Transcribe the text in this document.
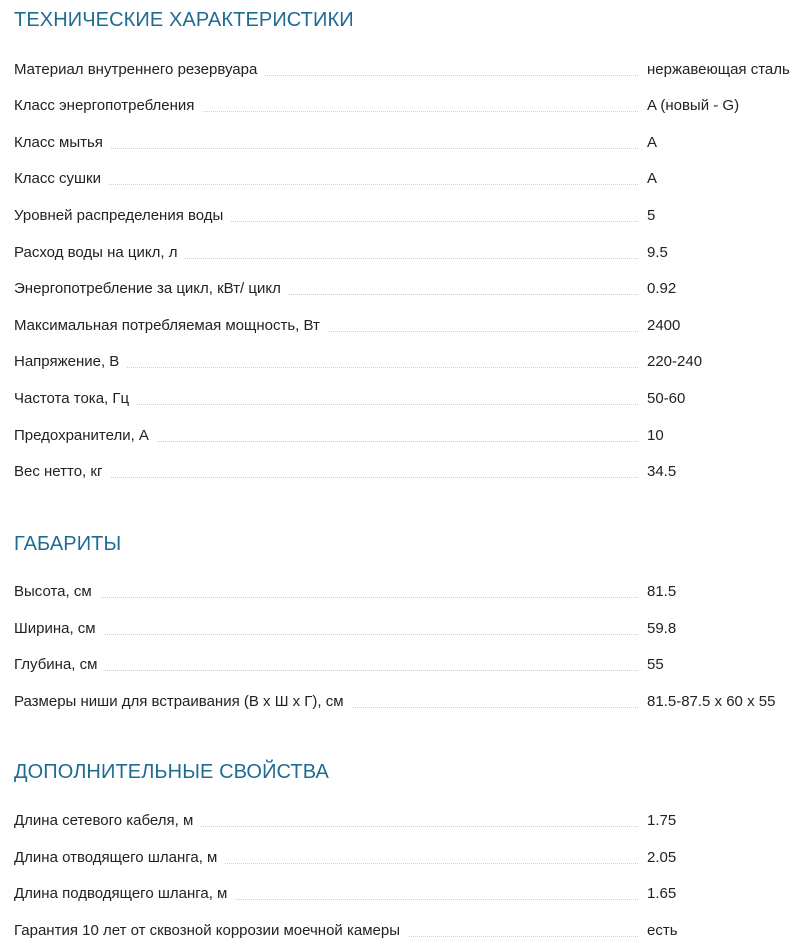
ТЕХНИЧЕСКИЕ ХАРАКТЕРИСТИКИ
Материал внутреннего резервуара	нержавеющая сталь
Класс энергопотребления	A (новый - G)
Класс мытья	A
Класс сушки	A
Уровней распределения воды	5
Расход воды на цикл, л	9.5
Энергопотребление за цикл, кВт/ цикл	0.92
Максимальная потребляемая мощность, Вт	2400
Напряжение, В	220-240
Частота тока, Гц	50-60
Предохранители, А	10
Вес нетто, кг	34.5
ГАБАРИТЫ
Высота, см	81.5
Ширина, см	59.8
Глубина, см	55
Размеры ниши для встраивания (В x Ш x Г), см	81.5-87.5 x 60 x 55
ДОПОЛНИТЕЛЬНЫЕ СВОЙСТВА
Длина сетевого кабеля, м	1.75
Длина отводящего шланга, м	2.05
Длина подводящего шланга, м	1.65
Гарантия 10 лет от сквозной коррозии моечной камеры	есть
